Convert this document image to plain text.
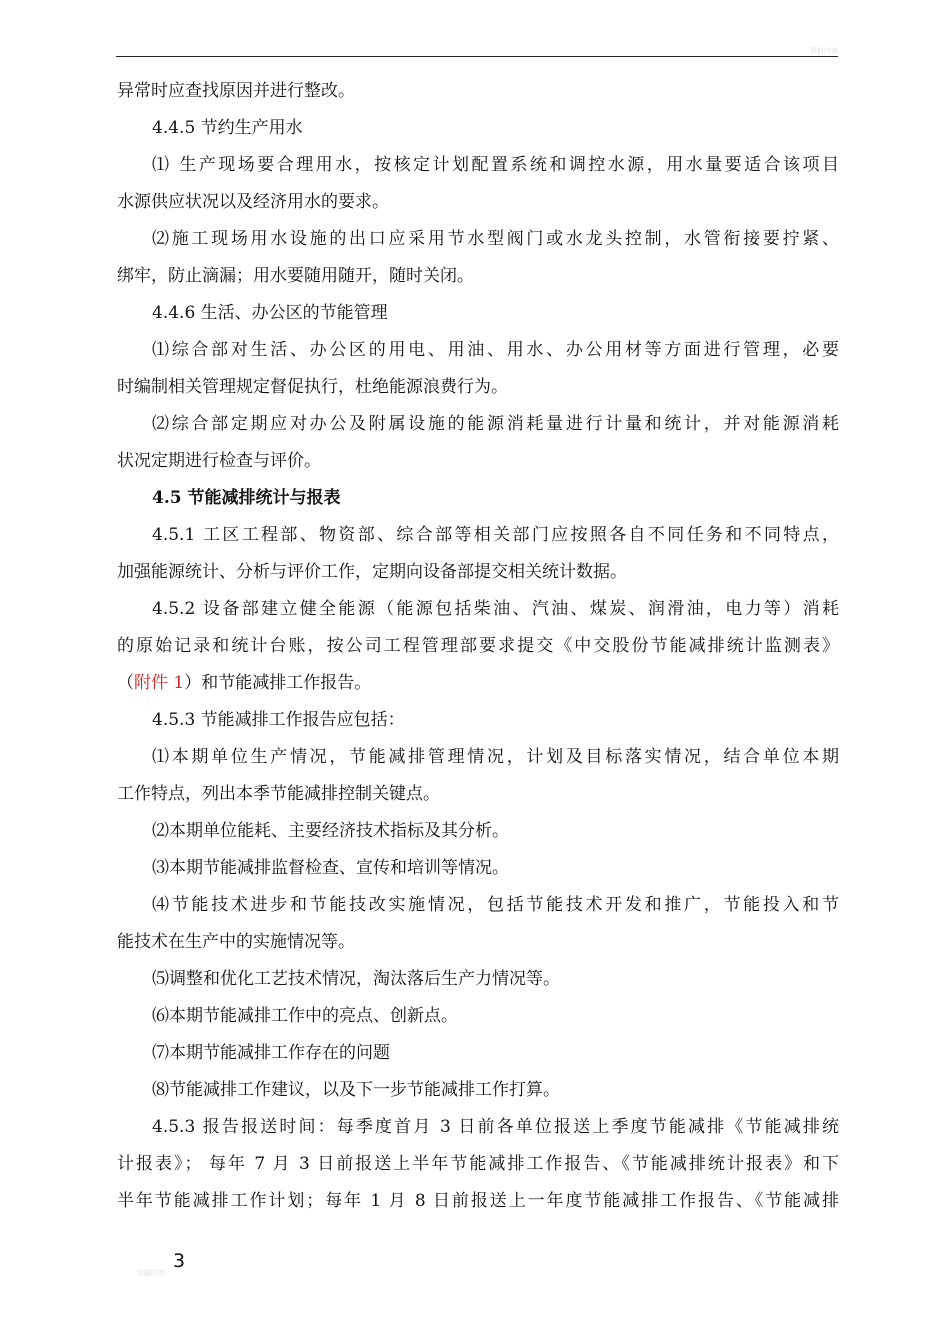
资料内容
异常时应查找原因并进行整改。
4.4.5 节约生产用水
⑴ 生产现场要合理用水，按核定计划配置系统和调控水源，用水量要适合该项目
水源供应状况以及经济用水的要求。
⑵施工现场用水设施的出口应采用节水型阀门或水龙头控制，水管衔接要拧紧、
绑牢，防止滴漏；用水要随用随开，随时关闭。
4.4.6 生活、办公区的节能管理
⑴综合部对生活、办公区的用电、用油、用水、办公用材等方面进行管理，必要
时编制相关管理规定督促执行，杜绝能源浪费行为。
⑵综合部定期应对办公及附属设施的能源消耗量进行计量和统计，并对能源消耗
状况定期进行检查与评价。
4.5 节能减排统计与报表
4.5.1 工区工程部、物资部、综合部等相关部门应按照各自不同任务和不同特点，
加强能源统计、分析与评价工作，定期向设备部提交相关统计数据。
4.5.2 设备部建立健全能源（能源包括柴油、汽油、煤炭、润滑油，电力等）消耗
的原始记录和统计台账，按公司工程管理部要求提交《中交股份节能减排统计监测表》
（附件 1）和节能减排工作报告。
4.5.3 节能减排工作报告应包括：
⑴本期单位生产情况，节能减排管理情况，计划及目标落实情况，结合单位本期
工作特点，列出本季节能减排控制关键点。
⑵本期单位能耗、主要经济技术指标及其分析。
⑶本期节能减排监督检查、宣传和培训等情况。
⑷节能技术进步和节能技改实施情况，包括节能技术开发和推广，节能投入和节
能技术在生产中的实施情况等。
⑸调整和优化工艺技术情况，淘汰落后生产力情况等。
⑹本期节能减排工作中的亮点、创新点。
⑺本期节能减排工作存在的问题
⑻节能减排工作建议，以及下一步节能减排工作打算。
4.5.3 报告报送时间：每季度首月 3 日前各单位报送上季度节能减排《节能减排统
计报表》； 每年 7 月 3 日前报送上半年节能减排工作报告、《节能减排统计报表》和下
半年节能减排工作计划；每年 1 月 8 日前报送上一年度节能减排工作报告、《节能减排
3
页脚内容
